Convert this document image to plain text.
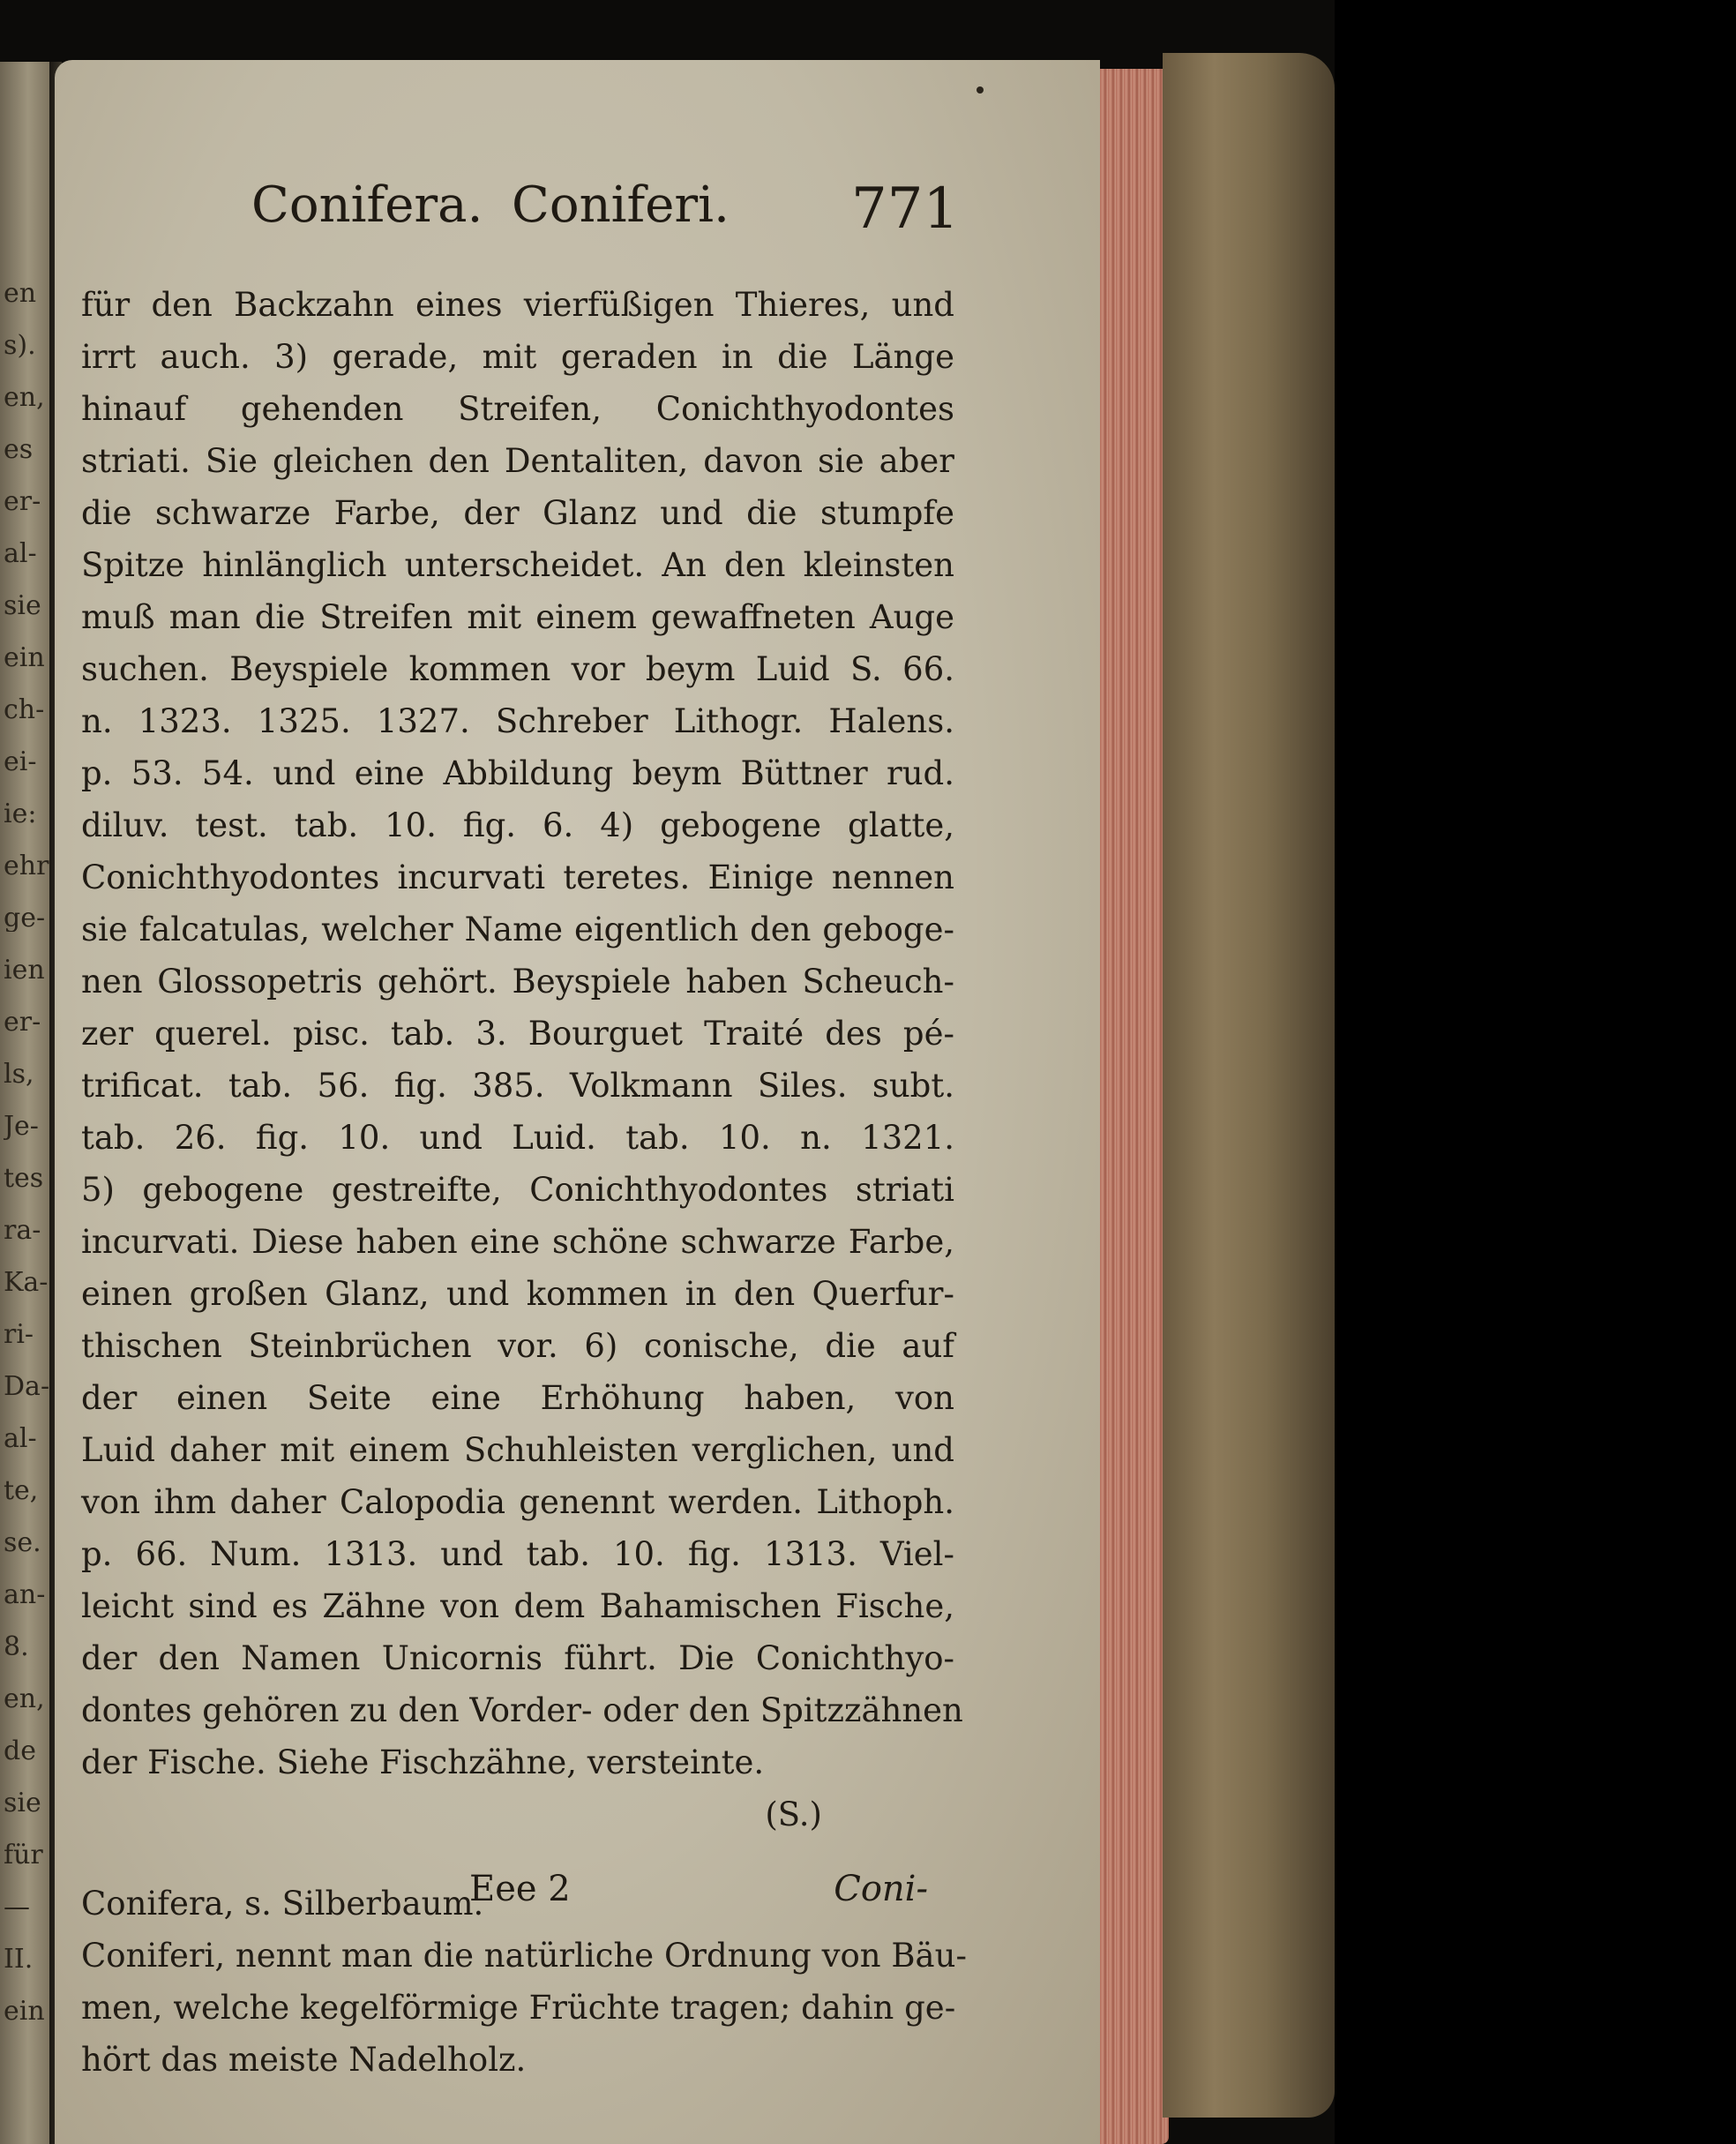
en
s).
en,
es
er-
al-
sie
ein
ch-
ei-
ie:
ehr
ge-
ien
er-
ls,
Je-
tes
ra-
Ka-
ri-
Da-
al-
te,
se.
an-
8.
en,
de
sie
für
—
II.
ein
Conifera. Coniferi. 771
für den Backzahn eines vierfüßigen Thieres, und
irrt auch. 3) gerade, mit geraden in die Länge
hinauf gehenden Streifen, Conichthyodontes
striati. Sie gleichen den Dentaliten, davon sie aber
die schwarze Farbe, der Glanz und die stumpfe
Spitze hinlänglich unterscheidet. An den kleinsten
muß man die Streifen mit einem gewaffneten Auge
suchen. Beyspiele kommen vor beym Luid S. 66.
n. 1323. 1325. 1327. Schreber Lithogr. Halens.
p. 53. 54. und eine Abbildung beym Büttner rud.
diluv. test. tab. 10. fig. 6. 4) gebogene glatte,
Conichthyodontes incurvati teretes. Einige nennen
sie falcatulas, welcher Name eigentlich den geboge-
nen Glossopetris gehört. Beyspiele haben Scheuch-
zer querel. pisc. tab. 3. Bourguet Traité des pé-
trificat. tab. 56. fig. 385. Volkmann Siles. subt.
tab. 26. fig. 10. und Luid. tab. 10. n. 1321.
5) gebogene gestreifte, Conichthyodontes striati
incurvati. Diese haben eine schöne schwarze Farbe,
einen großen Glanz, und kommen in den Querfur-
thischen Steinbrüchen vor. 6) conische, die auf
der einen Seite eine Erhöhung haben, von
Luid daher mit einem Schuhleisten verglichen, und
von ihm daher Calopodia genennt werden. Lithoph.
p. 66. Num. 1313. und tab. 10. fig. 1313. Viel-
leicht sind es Zähne von dem Bahamischen Fische,
der den Namen Unicornis führt. Die Conichthyo-
dontes gehören zu den Vorder- oder den Spitzzähnen
der Fische. Siehe Fischzähne, versteinte.
(S.)
Conifera, s. Silberbaum.
Coniferi, nennt man die natürliche Ordnung von Bäu-
men, welche kegelförmige Früchte tragen; dahin ge-
hört das meiste Nadelholz.
Eee 2	Coni-
